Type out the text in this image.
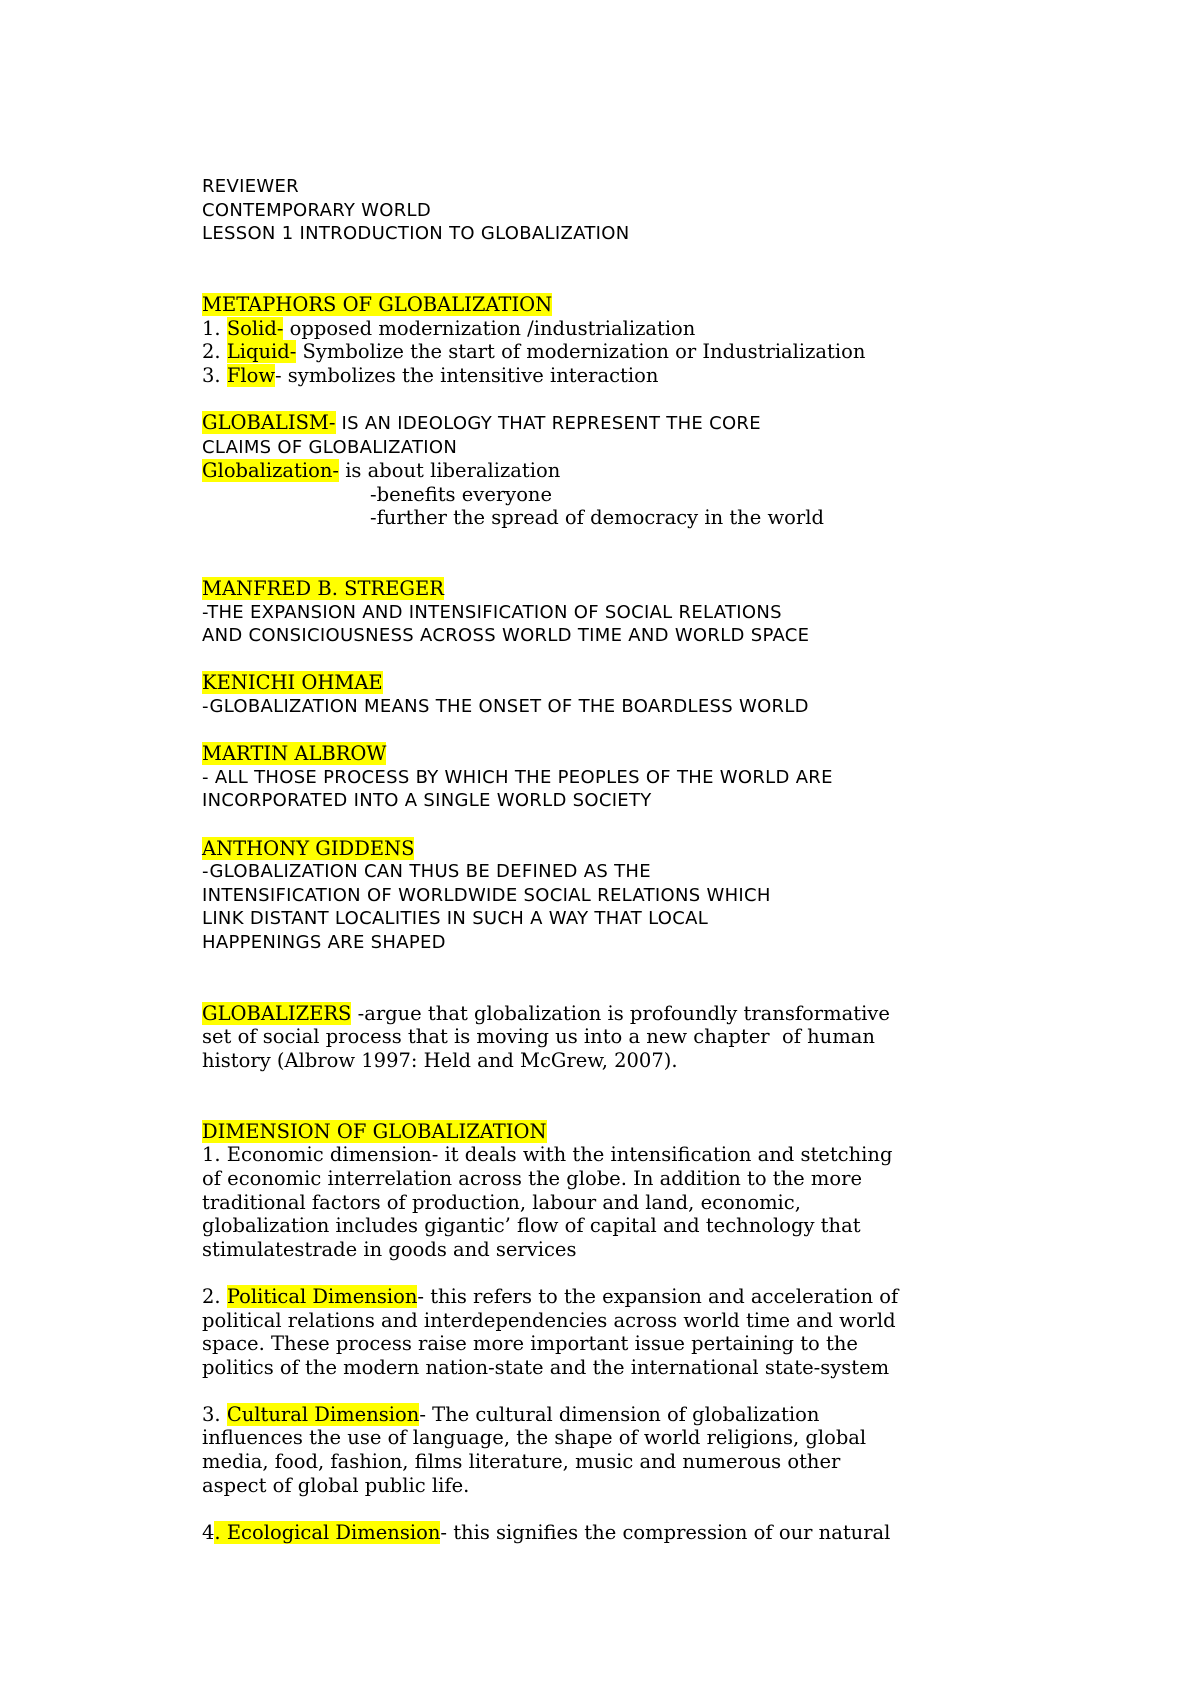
REVIEWER

CONTEMPORARY WORLD

LESSON 1 INTRODUCTION TO GLOBALIZATION

METAPHORS OF GLOBALIZATION

1. Solid- opposed modernization /industrialization

2. Liquid- Symbolize the start of modernization or Industrialization

3. Flow- symbolizes the intensitive interaction

GLOBALISM- IS AN IDEOLOGY THAT REPRESENT THE CORE

CLAIMS OF GLOBALIZATION

Globalization- is about liberalization

-benefits everyone

-further the spread of democracy in the world

MANFRED B. STREGER

-THE EXPANSION AND INTENSIFICATION OF SOCIAL RELATIONS

AND CONSICIOUSNESS ACROSS WORLD TIME AND WORLD SPACE

KENICHI OHMAE

-GLOBALIZATION MEANS THE ONSET OF THE BOARDLESS WORLD

MARTIN ALBROW

- ALL THOSE PROCESS BY WHICH THE PEOPLES OF THE WORLD ARE

INCORPORATED INTO A SINGLE WORLD SOCIETY

ANTHONY GIDDENS

-GLOBALIZATION CAN THUS BE DEFINED AS THE

INTENSIFICATION OF WORLDWIDE SOCIAL RELATIONS WHICH

LINK DISTANT LOCALITIES IN SUCH A WAY THAT LOCAL

HAPPENINGS ARE SHAPED

GLOBALIZERS -argue that globalization is profoundly transformative

set of social process that is moving us into a new chapter  of human

history (Albrow 1997: Held and McGrew, 2007).

DIMENSION OF GLOBALIZATION

1. Economic dimension- it deals with the intensification and stetching

of economic interrelation across the globe. In addition to the more

traditional factors of production, labour and land, economic,

globalization includes gigantic’ flow of capital and technology that

stimulatestrade in goods and services

2. Political Dimension- this refers to the expansion and acceleration of

political relations and interdependencies across world time and world

space. These process raise more important issue pertaining to the

politics of the modern nation-state and the international state-system

3. Cultural Dimension- The cultural dimension of globalization

influences the use of language, the shape of world religions, global

media, food, fashion, films literature, music and numerous other

aspect of global public life.

4. Ecological Dimension- this signifies the compression of our natural
